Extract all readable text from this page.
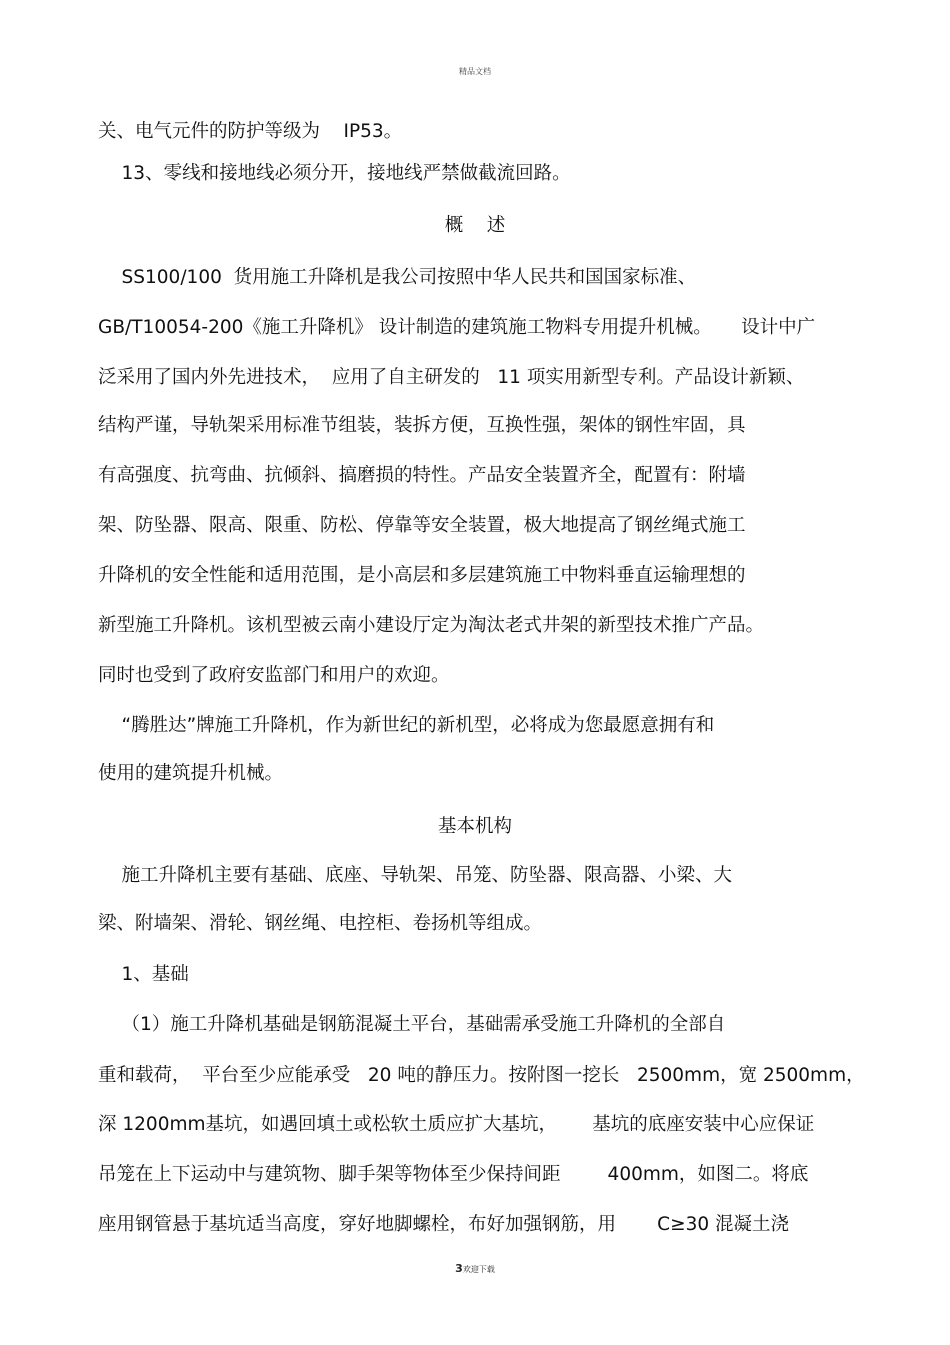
精品文档
关、电气元件的防护等级为    IP53。
13、零线和接地线必须分开，接地线严禁做截流回路。
概    述
SS100/100  货用施工升降机是我公司按照中华人民共和国国家标准、
GB/T10054-200《施工升降机》 设计制造的建筑施工物料专用提升机械。     设计中广
泛采用了国内外先进技术，  应用了自主研发的   11 项实用新型专利。产品设计新颖、
结构严谨，导轨架采用标准节组装，装拆方便，互换性强，架体的钢性牢固，具
有高强度、抗弯曲、抗倾斜、搞磨损的特性。产品安全装置齐全，配置有：附墙
架、防坠器、限高、限重、防松、停靠等安全装置，极大地提高了钢丝绳式施工
升降机的安全性能和适用范围，是小高层和多层建筑施工中物料垂直运输理想的
新型施工升降机。该机型被云南小建设厅定为淘汰老式井架的新型技术推广产品。
同时也受到了政府安监部门和用户的欢迎。
“腾胜达”牌施工升降机，作为新世纪的新机型，必将成为您最愿意拥有和
使用的建筑提升机械。
基本机构
施工升降机主要有基础、底座、导轨架、吊笼、防坠器、限高器、小梁、大
梁、附墙架、滑轮、钢丝绳、电控柜、卷扬机等组成。
1、基础
（1）施工升降机基础是钢筋混凝土平台，基础需承受施工升降机的全部自
重和载荷，  平台至少应能承受   20 吨的静压力。按附图一挖长   2500mm，宽 2500mm，
深 1200mm基坑，如遇回填土或松软土质应扩大基坑，      基坑的底座安装中心应保证
吊笼在上下运动中与建筑物、脚手架等物体至少保持间距        400mm，如图二。将底
座用钢管悬于基坑适当高度，穿好地脚螺栓，布好加强钢筋，用       C≥30 混凝土浇
3欢迎下载
